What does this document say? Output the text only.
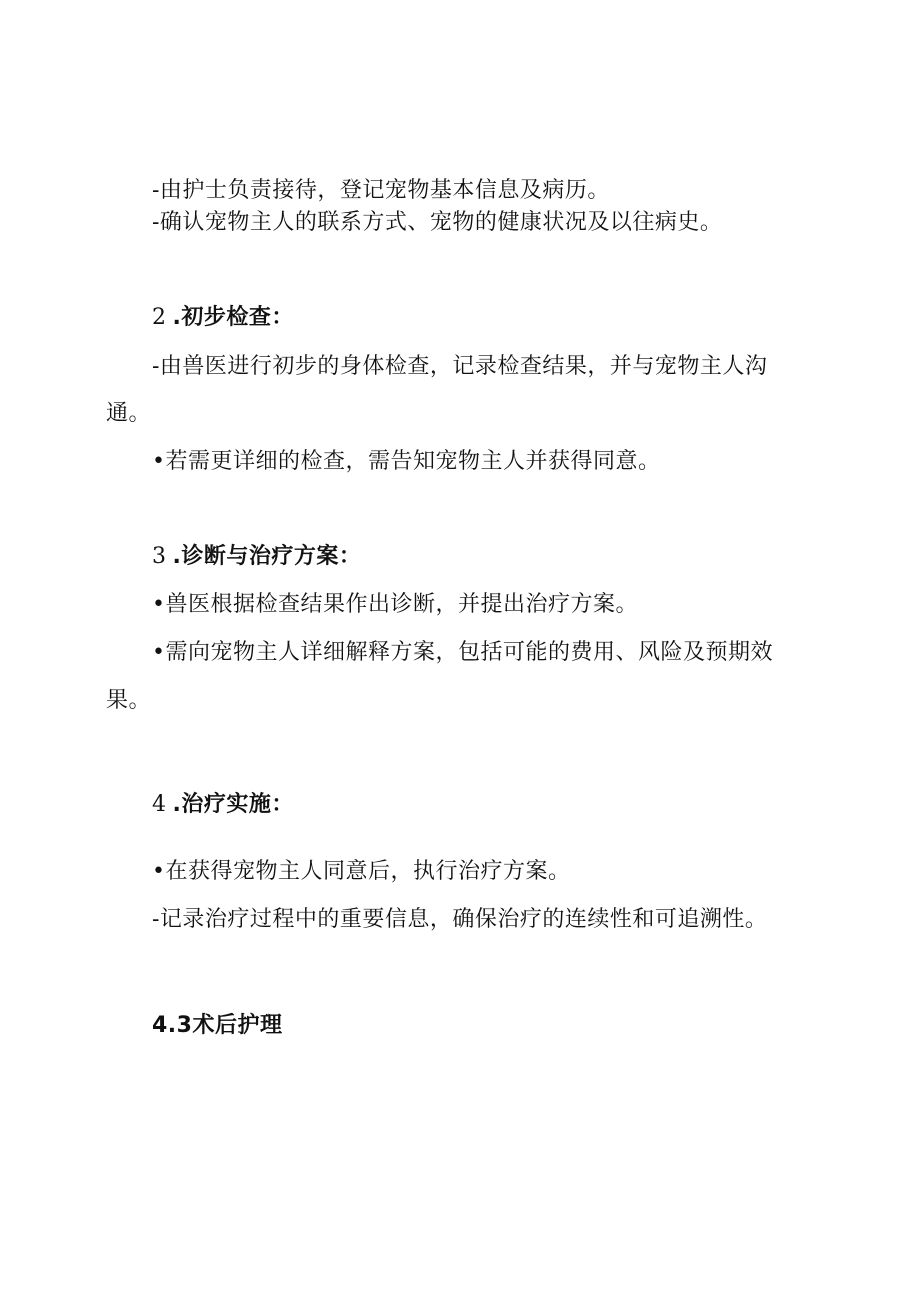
-由护士负责接待，登记宠物基本信息及病历。
-确认宠物主人的联系方式、宠物的健康状况及以往病史。
2 .初步检查：
-由兽医进行初步的身体检查，记录检查结果，并与宠物主人沟
通。
•若需更详细的检查，需告知宠物主人并获得同意。
3 .诊断与治疗方案：
•兽医根据检查结果作出诊断，并提出治疗方案。
•需向宠物主人详细解释方案，包括可能的费用、风险及预期效
果。
4 .治疗实施：
•在获得宠物主人同意后，执行治疗方案。
-记录治疗过程中的重要信息，确保治疗的连续性和可追溯性。
4.3术后护理
